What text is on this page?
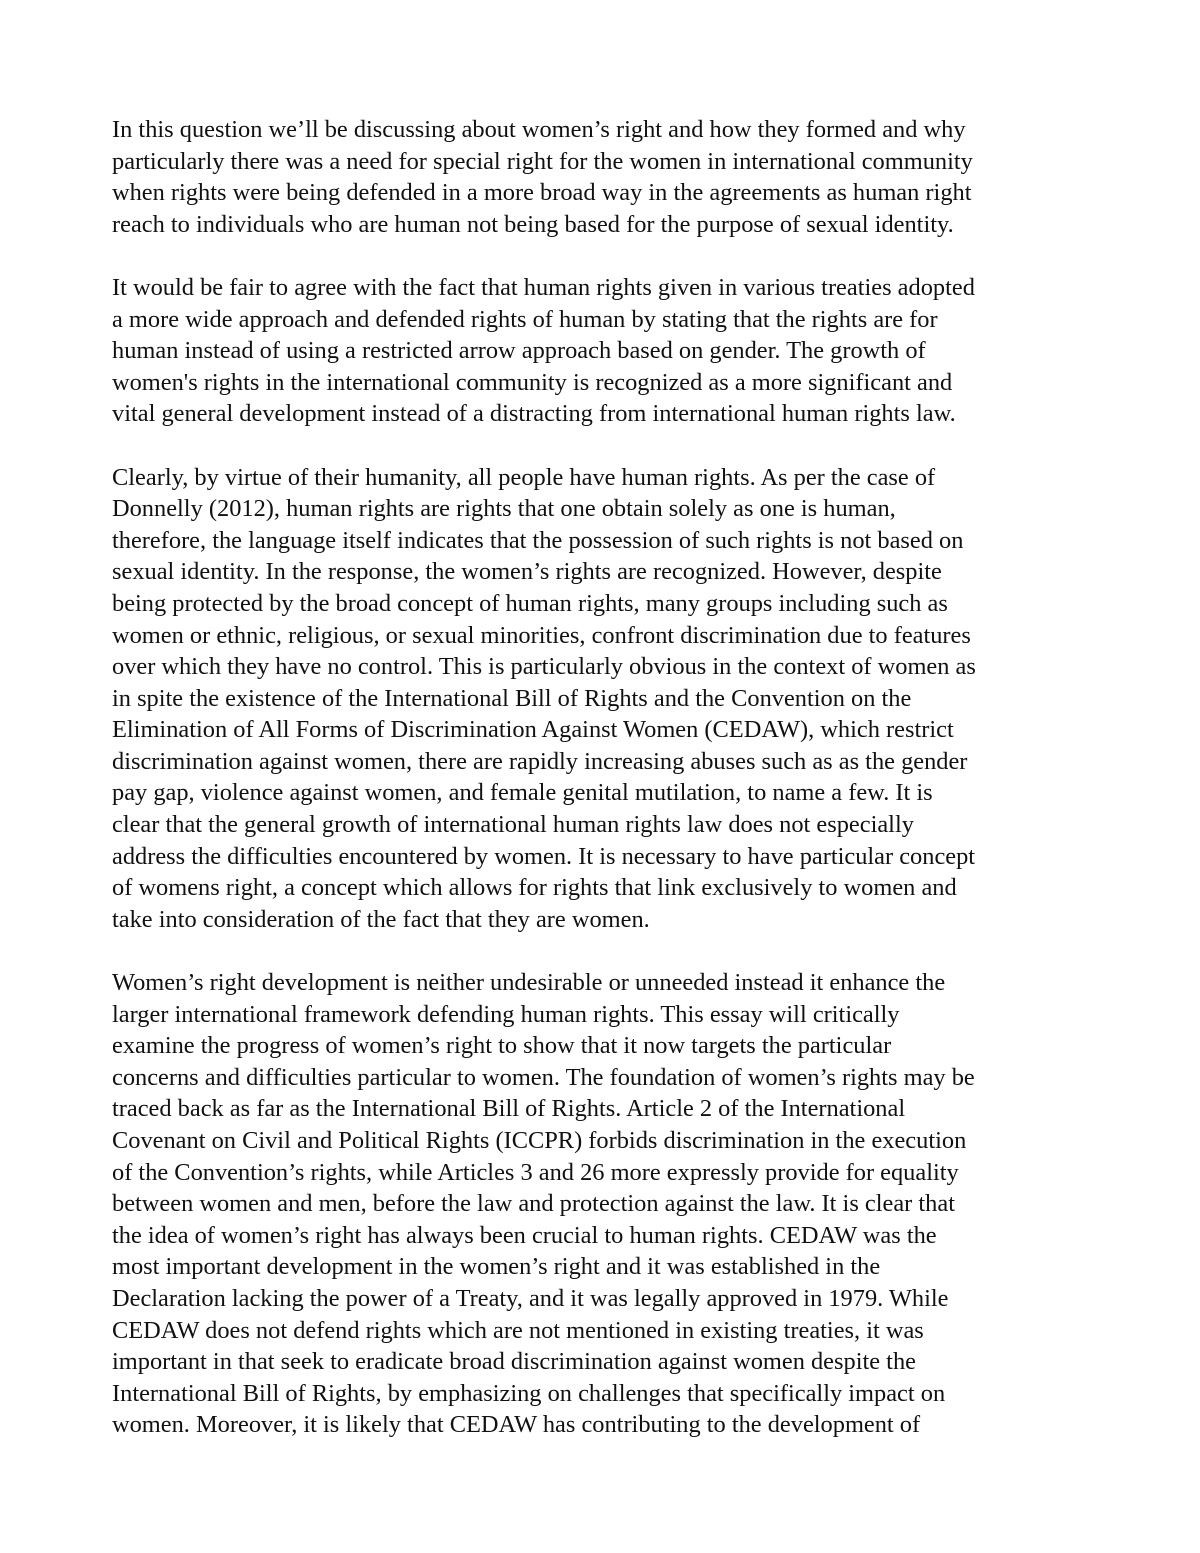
In this question we’ll be discussing about women’s right and how they formed and why
particularly there was a need for special right for the women in international community
when rights were being defended in a more broad way in the agreements as human right
reach to individuals who are human not being based for the purpose of sexual identity.

It would be fair to agree with the fact that human rights given in various treaties adopted
a more wide approach and defended rights of human by stating that the rights are for
human instead of using a restricted arrow approach based on gender. The growth of
women's rights in the international community is recognized as a more significant and
vital general development instead of a distracting from international human rights law.

Clearly, by virtue of their humanity, all people have human rights. As per the case of
Donnelly (2012), human rights are rights that one obtain solely as one is human,
therefore, the language itself indicates that the possession of such rights is not based on
sexual identity. In the response, the women’s rights are recognized. However, despite
being protected by the broad concept of human rights, many groups including such as
women or ethnic, religious, or sexual minorities, confront discrimination due to features
over which they have no control. This is particularly obvious in the context of women as
in spite the existence of the International Bill of Rights and the Convention on the
Elimination of All Forms of Discrimination Against Women (CEDAW), which restrict
discrimination against women, there are rapidly increasing abuses such as as the gender
pay gap, violence against women, and female genital mutilation, to name a few. It is
clear that the general growth of international human rights law does not especially
address the difficulties encountered by women. It is necessary to have particular concept
of womens right, a concept which allows for rights that link exclusively to women and
take into consideration of the fact that they are women.

Women’s right development is neither undesirable or unneeded instead it enhance the
larger international framework defending human rights. This essay will critically
examine the progress of women’s right to show that it now targets the particular
concerns and difficulties particular to women. The foundation of women’s rights may be
traced back as far as the International Bill of Rights. Article 2 of the International
Covenant on Civil and Political Rights (ICCPR) forbids discrimination in the execution
of the Convention’s rights, while Articles 3 and 26 more expressly provide for equality
between women and men, before the law and protection against the law. It is clear that
the idea of women’s right has always been crucial to human rights. CEDAW was the
most important development in the women’s right and it was established in the
Declaration lacking the power of a Treaty, and it was legally approved in 1979. While
CEDAW does not defend rights which are not mentioned in existing treaties, it was
important in that seek to eradicate broad discrimination against women despite the
International Bill of Rights, by emphasizing on challenges that specifically impact on
women. Moreover, it is likely that CEDAW has contributing to the development of
